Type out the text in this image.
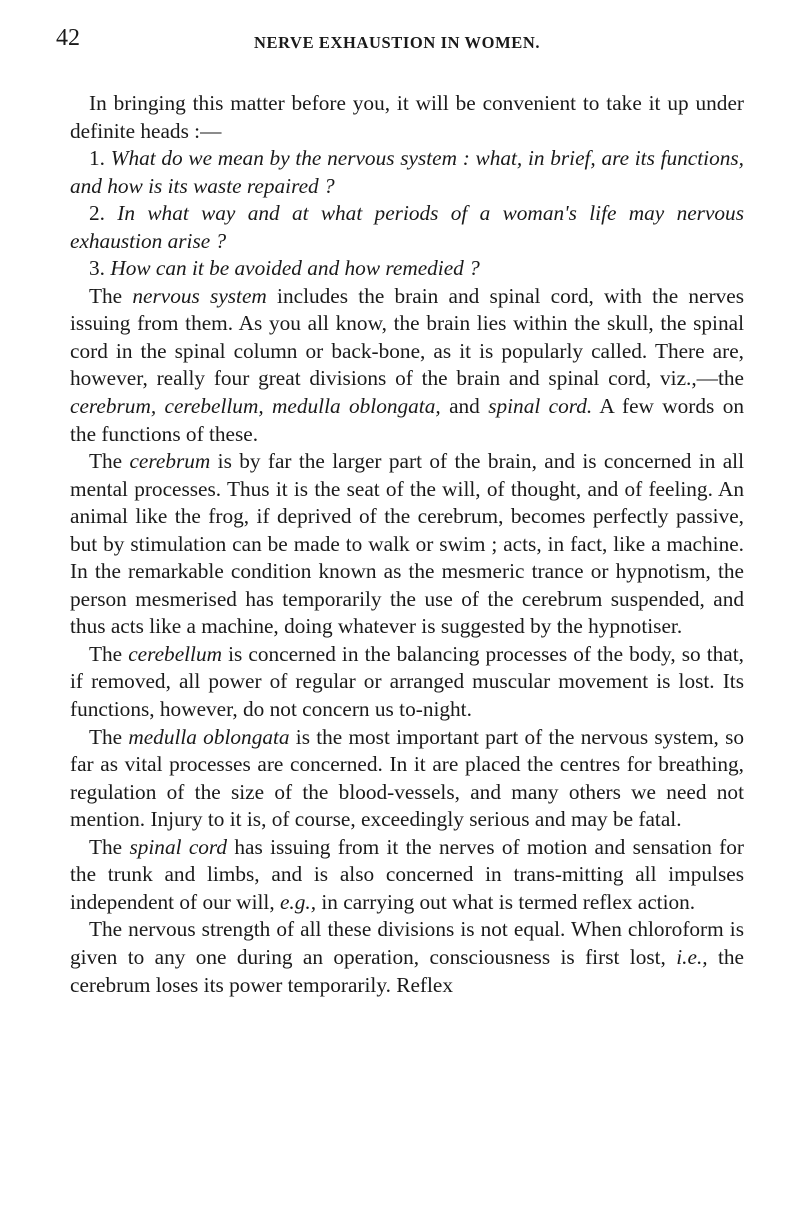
42	NERVE EXHAUSTION IN WOMEN.

In bringing this matter before you, it will be convenient to take it up under definite heads :—

1. What do we mean by the nervous system : what, in brief, are its functions, and how is its waste repaired ?

2. In what way and at what periods of a woman's life may nervous exhaustion arise ?

3. How can it be avoided and how remedied ?

The nervous system includes the brain and spinal cord, with the nerves issuing from them. As you all know, the brain lies within the skull, the spinal cord in the spinal column or back-bone, as it is popularly called. There are, however, really four great divisions of the brain and spinal cord, viz.,—the cerebrum, cerebellum, medulla oblongata, and spinal cord. A few words on the functions of these.

The cerebrum is by far the larger part of the brain, and is concerned in all mental processes. Thus it is the seat of the will, of thought, and of feeling. An animal like the frog, if deprived of the cerebrum, becomes perfectly passive, but by stimulation can be made to walk or swim ; acts, in fact, like a machine. In the remarkable condition known as the mesmeric trance or hypnotism, the person mesmerised has temporarily the use of the cerebrum suspended, and thus acts like a machine, doing whatever is suggested by the hypnotiser.

The cerebellum is concerned in the balancing processes of the body, so that, if removed, all power of regular or arranged muscular movement is lost. Its functions, however, do not concern us to-night.

The medulla oblongata is the most important part of the nervous system, so far as vital processes are concerned. In it are placed the centres for breathing, regulation of the size of the blood-vessels, and many others we need not mention. Injury to it is, of course, exceedingly serious and may be fatal.

The spinal cord has issuing from it the nerves of motion and sensation for the trunk and limbs, and is also concerned in trans-mitting all impulses independent of our will, e.g., in carrying out what is termed reflex action.

The nervous strength of all these divisions is not equal. When chloroform is given to any one during an operation, consciousness is first lost, i.e., the cerebrum loses its power temporarily. Reflex
